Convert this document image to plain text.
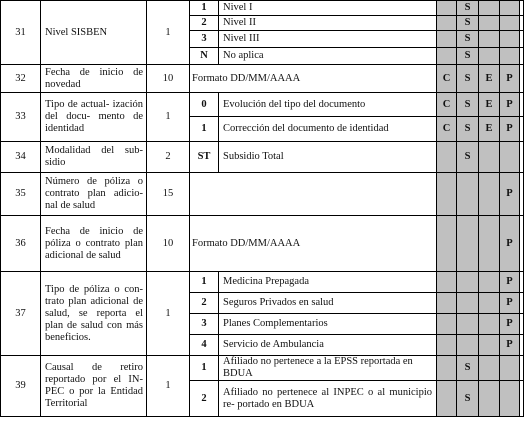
31	Nivel SISBEN	1	1	Nivel I		S			
			2	Nivel II		S			
			3	Nivel III		S			
			N	No aplica		S			
32	Fecha de inicio de novedad	10	Formato DD/MM/AAAA		C	S	E	P	
33	Tipo de actual- ización del docu- mento de identidad	1	0	Evolución del tipo del documento	C	S	E	P	
			1	Corrección del documento de identidad	C	S	E	P	
34	Modalidad del sub- sidio	2	ST	Subsidio Total		S			
35	Número de póliza o contrato plan adicio- nal de salud	15						P	
36	Fecha de inicio de póliza o contrato plan adicional de salud	10	Formato DD/MM/AAAA					P	
37	Tipo de póliza o con- trato plan adicional de salud, se reporta el plan de salud con más beneficios.	1	1	Medicina Prepagada				P	
			2	Seguros Privados en salud				P	
			3	Planes Complementarios				P	
			4	Servicio de Ambulancia				P	
39	Causal de retiro reportado por el IN- PEC o por la Entidad Territorial	1	1	Afiliado no pertenece a la EPSS reportada en BDUA		S			
			2	Afiliado no pertenece al INPEC o al municipio re- portado en BDUA		S			
